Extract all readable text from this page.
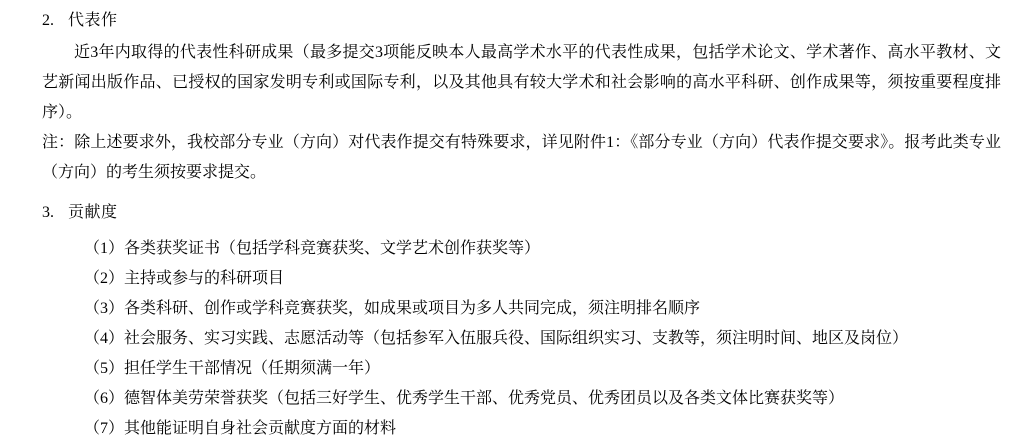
2. 代表作

近3年内取得的代表性科研成果（最多提交3项能反映本人最高学术水平的代表性成果，包括学术论文、学术著作、高水平教材、文艺新闻出版作品、已授权的国家发明专利或国际专利，以及其他具有较大学术和社会影响的高水平科研、创作成果等，须按重要程度排序）。

注：除上述要求外，我校部分专业（方向）对代表作提交有特殊要求，详见附件1：《部分专业（方向）代表作提交要求》。报考此类专业（方向）的考生须按要求提交。

3. 贡献度

（1）各类获奖证书（包括学科竞赛获奖、文学艺术创作获奖等）

（2）主持或参与的科研项目

（3）各类科研、创作或学科竞赛获奖，如成果或项目为多人共同完成，须注明排名顺序

（4）社会服务、实习实践、志愿活动等（包括参军入伍服兵役、国际组织实习、支教等，须注明时间、地区及岗位）

（5）担任学生干部情况（任期须满一年）

（6）德智体美劳荣誉获奖（包括三好学生、优秀学生干部、优秀党员、优秀团员以及各类文体比赛获奖等）

（7）其他能证明自身社会贡献度方面的材料
